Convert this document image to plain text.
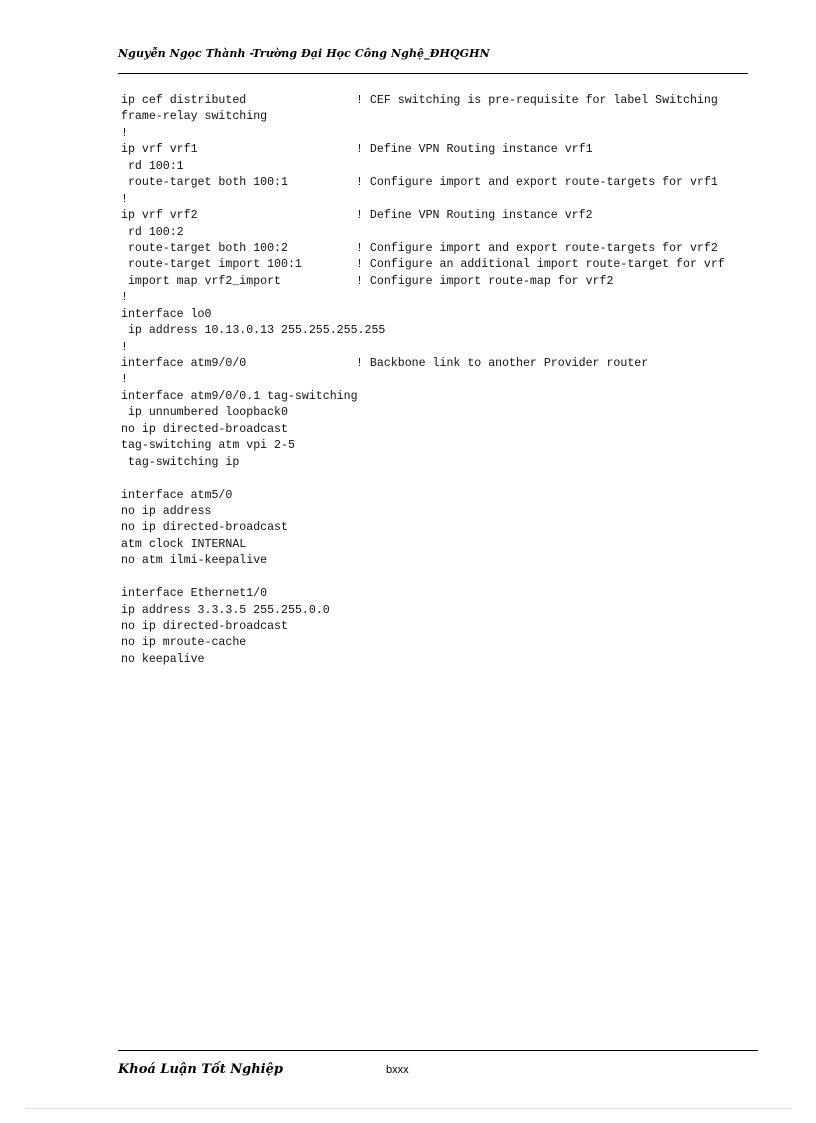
Nguyễn Ngọc Thành -Trường Đại Học Công Nghệ_ĐHQGHN
ip cef distributed	! CEF switching is pre-requisite for label Switching
frame-relay switching
!
ip vrf vrf1	! Define VPN Routing instance vrf1
rd 100:1
route-target both 100:1	! Configure import and export route-targets for vrf1
!
ip vrf vrf2	! Define VPN Routing instance vrf2
rd 100:2
route-target both 100:2	! Configure import and export route-targets for vrf2
route-target import 100:1	! Configure an additional import route-target for vrf
import map vrf2_import	! Configure import route-map for vrf2
!
interface lo0
ip address 10.13.0.13 255.255.255.255
!
interface atm9/0/0	! Backbone link to another Provider router
!
interface atm9/0/0.1 tag-switching
ip unnumbered loopback0
no ip directed-broadcast
tag-switching atm vpi 2-5
tag-switching ip
interface atm5/0
no ip address
no ip directed-broadcast
atm clock INTERNAL
no atm ilmi-keepalive
interface Ethernet1/0
ip address 3.3.3.5 255.255.0.0
no ip directed-broadcast
no ip mroute-cache
no keepalive
Khoá Luận Tốt Nghiệp	bxxx
